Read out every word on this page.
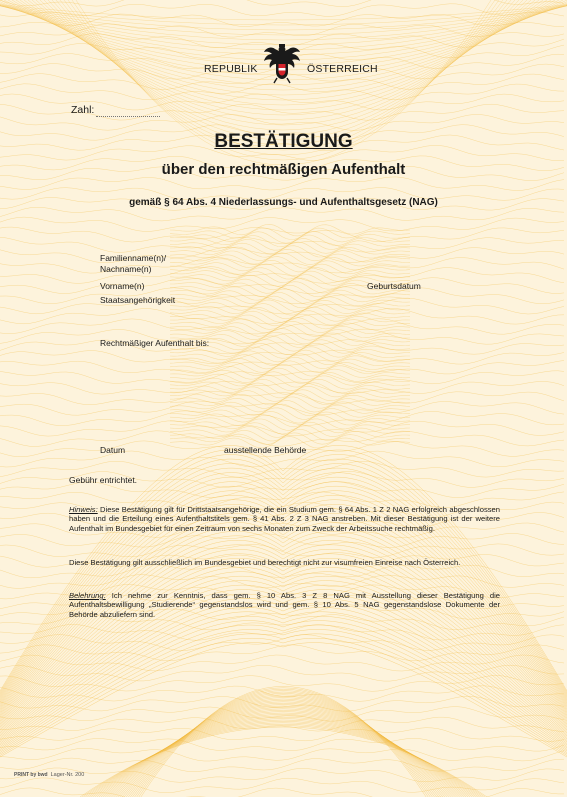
REPUBLIK	ÖSTERREICH
Zahl:
BESTÄTIGUNG
über den rechtmäßigen Aufenthalt
gemäß § 64 Abs. 4 Niederlassungs- und Aufenthaltsgesetz (NAG)
Familienname(n)/
Nachname(n)
Vorname(n)	Geburtsdatum
Staatsangehörigkeit
Rechtmäßiger Aufenthalt bis:
Datum	ausstellende Behörde
Gebühr entrichtet.
Hinweis: Diese Bestätigung gilt für Drittstaatsangehörige, die ein Studium gem. § 64 Abs. 1 Z 2 NAG erfolgreich abgeschlossen haben und die Erteilung eines Aufenthaltstitels gem. § 41 Abs. 2 Z 3 NAG anstreben. Mit dieser Bestätigung ist der weitere Aufenthalt im Bundesgebiet für einen Zeitraum von sechs Monaten zum Zweck der Arbeitssuche rechtmäßig.
Diese Bestätigung gilt ausschließlich im Bundesgebiet und berechtigt nicht zur visumfreien Einreise nach Österreich.
Belehrung: Ich nehme zur Kenntnis, dass gem. § 10 Abs. 3 Z 8 NAG mit Ausstellung dieser Bestätigung die Aufenthaltsbewilligung „Studierende“ gegenstandslos wird und gem. § 10 Abs. 5 NAG gegenstandslose Dokumente der Behörde abzuliefern sind.
PRINT by bwd Lager-Nr. 200
